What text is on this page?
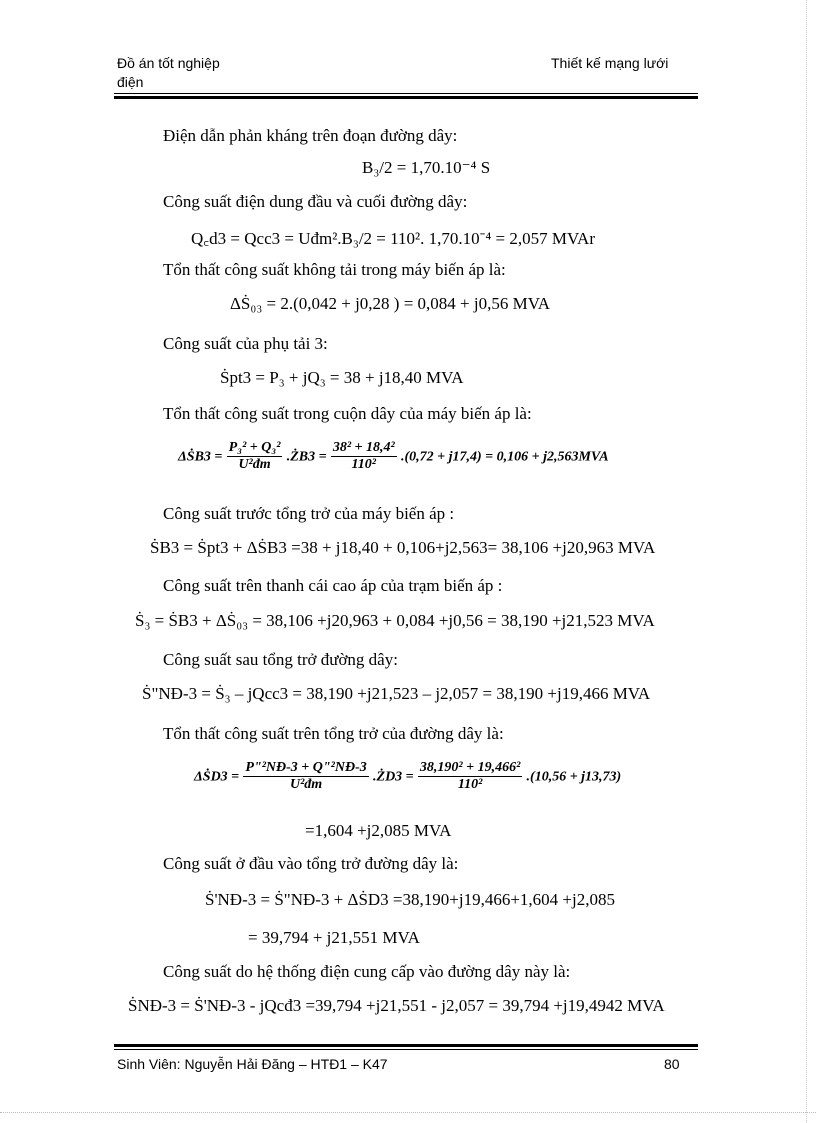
Đồ án tốt nghiệp
điện
Thiết kế mạng lưới
Điện dẫn phản kháng trên đoạn đường dây:
B₃/2 = 1,70.10⁻⁴ S
Công suất điện dung đầu và cuối đường dây:
Q꜀d3 = Qcc3 = Uđm².B₃/2 = 110². 1,70.10⁻⁴ = 2,057 MVAr
Tổn thất công suất không tải trong máy biến áp là:
ΔṠ₀₃ = 2.(0,042 + j0,28 ) = 0,084 + j0,56 MVA
Công suất của phụ tải 3:
Ṡpt3 = P₃ + jQ₃ = 38 + j18,40 MVA
Tổn thất công suất trong cuộn dây của máy biến áp là:
ΔṠB3 = $\frac{\text{P₃² + Q₃²}}{\text{U²đm}}$ .ŻB3 = $\frac{\text{38² + 18,4²}}{\text{110²}} .(0,72 + j17,4) = 0,106 + j2,563MVA$
Công suất trước tổng trở của máy biến áp :
ṠB3 = Ṡpt3 + ΔṠB3 =38 + j18,40 + 0,106+j2,563= 38,106 +j20,963 MVA
Công suất trên thanh cái cao áp của trạm biến áp :
Ṡ₃ = ṠB3 + ΔṠ₀₃ = 38,106 +j20,963 + 0,084 +j0,56 = 38,190 +j21,523 MVA
Công suất sau tổng trở đường dây:
Ṡ"NĐ-3 = Ṡ₃ – jQcc3 = 38,190 +j21,523 – j2,057 = 38,190 +j19,466 MVA
Tổn thất công suất trên tổng trở của đường dây là:
ΔṠD3 = $\frac{\text{P"²NĐ-3 + Q"²NĐ-3}}{\text{U²đm}}$ .ŻD3 = $\frac{\text{38,190² + 19,466²}}{\text{110²}} .(10,56 + j13,73)$
=1,604 +j2,085 MVA
Công suất ở đầu vào tổng trở đường dây là:
Ṡ'NĐ-3 = Ṡ"NĐ-3 + ΔṠD3 =38,190+j19,466+1,604 +j2,085
= 39,794 + j21,551 MVA
Công suất do hệ thống điện cung cấp vào đường dây này là:
ṠNĐ-3 = Ṡ'NĐ-3 - jQcđ3 =39,794 +j21,551 - j2,057 = 39,794 +j19,4942 MVA
Sinh Viên: Nguyễn Hải Đăng – HTĐ1 – K47	80
